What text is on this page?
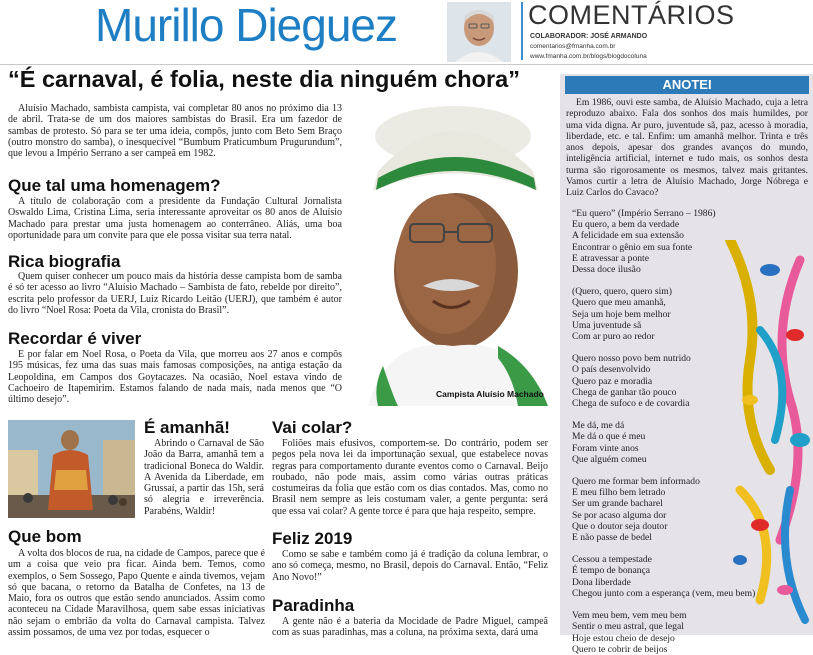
Murillo Dieguez	COMENTÁRIOS
COLABORADOR: JOSÉ ARMANDO
comentarios@fmanha.com.br
www.fmanha.com.br/blogs/blogdocoluna
“É carnaval, é folia, neste dia ninguém chora”
Aluísio Machado, sambista campista, vai completar 80 anos no próximo dia 13 de abril. Trata-se de um dos maiores sambistas do Brasil. Era um fazedor de sambas de protesto. Só para se ter uma ideia, compôs, junto com Beto Sem Braço (outro monstro do samba), o inesquecível “Bumbum Praticumbum Prugurundum”, que levou a Império Serrano a ser campeã em 1982.
Que tal uma homenagem?
A título de colaboração com a presidente da Fundação Cultural Jornalista Oswaldo Lima, Cristina Lima, seria interessante aproveitar os 80 anos de Aluísio Machado para prestar uma justa homenagem ao conterrâneo. Aliás, uma boa oportunidade para um convite para que ele possa visitar sua terra natal.
Rica biografia
Quem quiser conhecer um pouco mais da história desse campista bom de samba é só ter acesso ao livro “Aluísio Machado – Sambista de fato, rebelde por direito”, escrita pelo professor da UERJ, Luiz Ricardo Leitão (UERJ), que também é autor do livro “Noel Rosa: Poeta da Vila, cronista do Brasil”.
Recordar é viver
E por falar em Noel Rosa, o Poeta da Vila, que morreu aos 27 anos e compôs 195 músicas, fez uma das suas mais famosas composições, na antiga estação da Leopoldina, em Campos dos Goytacazes. Na ocasião, Noel estava vindo de Cachoeiro de Itapemirim. Estamos falando de nada mais, nada menos que “O último desejo”.
Campista Aluísio Machado
É amanhã!
Abrindo o Carnaval de São João da Barra, amanhã tem a tradicional Boneca do Waldir. A Avenida da Liberdade, em Grussaí, a partir das 15h, será só alegria e irreverência. Parabéns, Waldir!
Que bom
A volta dos blocos de rua, na cidade de Campos, parece que é um a coisa que veio pra ficar. Ainda bem. Temos, como exemplos, o Sem Sossego, Papo Quente e ainda tivemos, vejam só que bacana, o retorno da Batalha de Confetes, na 13 de Maio, fora os outros que estão sendo anunciados. Assim como aconteceu na Cidade Maravilhosa, quem sabe essas iniciativas não sejam o embrião da volta do Carnaval campista. Talvez assim possamos, de uma vez por todas, esquecer o
Vai colar?
Foliões mais efusivos, comportem-se. Do contrário, podem ser pegos pela nova lei da importunação sexual, que estabelece novas regras para comportamento durante eventos como o Carnaval. Beijo roubado, não pode mais, assim como várias outras práticas costumeiras da folia que estão com os dias contados. Mas, como no Brasil nem sempre as leis costumam valer, a gente pergunta: será que essa vai colar? A gente torce é para que haja respeito, sempre.
Feliz 2019
Como se sabe e também como já é tradição da coluna lembrar, o ano só começa, mesmo, no Brasil, depois do Carnaval. Então, “Feliz Ano Novo!”
Paradinha
A gente não é a bateria da Mocidade de Padre Miguel, campeã com as suas paradinhas, mas a coluna, na próxima sexta, dará uma
ANOTEI
Em 1986, ouvi este samba, de Aluísio Machado, cuja a letra reproduzo abaixo. Fala dos sonhos dos mais humildes, por uma vida digna. Ar puro, juventude sã, paz, acesso à moradia, liberdade, etc. e tal. Enfim: um amanhã melhor. Trinta e três anos depois, apesar dos grandes avanços do mundo, inteligência artificial, internet e tudo mais, os sonhos desta turma são rigorosamente os mesmos, talvez mais gritantes. Vamos curtir a letra de Aluísio Machado, Jorge Nóbrega e Luiz Carlos do Cavaco?
“Eu quero” (Império Serrano – 1986)
Eu quero, a bem da verdade
A felicidade em sua extensão
Encontrar o gênio em sua fonte
E atravessar a ponte
Dessa doce ilusão
(Quero, quero, quero sim)
Quero que meu amanhã,
Seja um hoje bem melhor
Uma juventude sã
Com ar puro ao redor
Quero nosso povo bem nutrido
O país desenvolvido
Quero paz e moradia
Chega de ganhar tão pouco
Chega de sufoco e de covardia
Me dá, me dá
Me dá o que é meu
Foram vinte anos
Que alguém comeu
Quero me formar bem informado
E meu filho bem letrado
Ser um grande bacharel
Se por acaso alguma dor
Que o doutor seja doutor
E não passe de bedel
Cessou a tempestade
É tempo de bonança
Dona liberdade
Chegou junto com a esperança (vem, meu bem)
Vem meu bem, vem meu bem
Sentir o meu astral, que legal
Hoje estou cheio de desejo
Quero te cobrir de beijos
